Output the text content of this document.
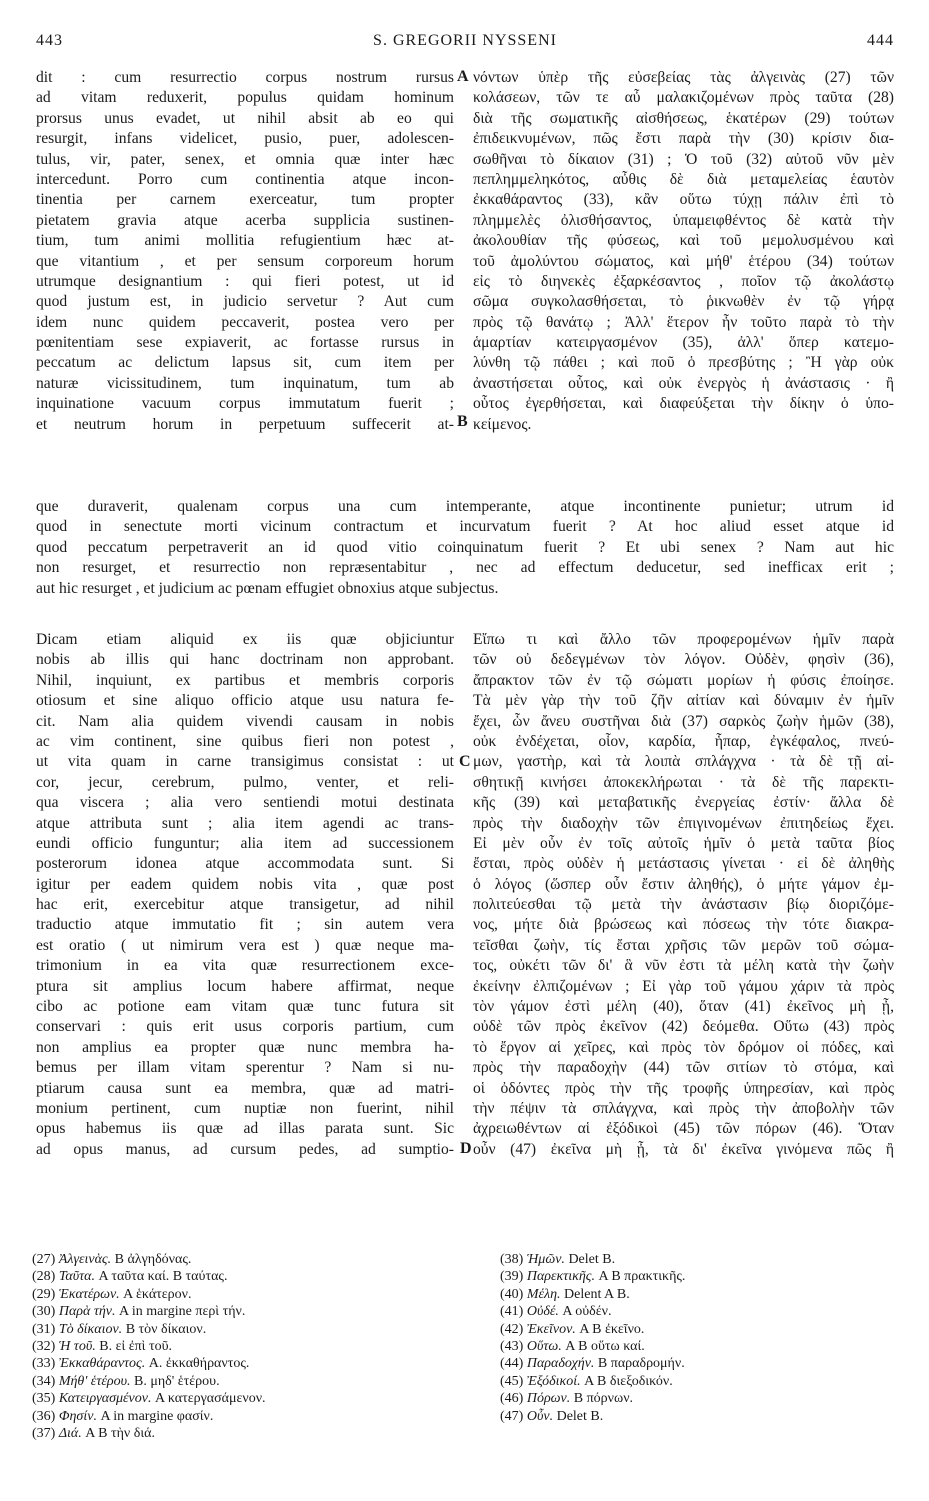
443	S. GREGORII NYSSENI	444
A
B
C
D
dit : cum resurrectio corpus nostrum rursus
ad vitam reduxerit, populus quidam hominum
prorsus unus evadet, ut nihil absit ab eo qui
resurgit, infans videlicet, pusio, puer, adolescen-
tulus, vir, pater, senex, et omnia quæ inter hæc
intercedunt. Porro cum continentia atque incon-
tinentia per carnem exerceatur, tum propter
pietatem gravia atque acerba supplicia sustinen-
tium, tum animi mollitia refugientium hæc at-
que vitantium , et per sensum corporeum horum
utrumque designantium : qui fieri potest, ut id
quod justum est, in judicio servetur ? Aut cum
idem nunc quidem peccaverit, postea vero per
pœnitentiam sese expiaverit, ac fortasse rursus in
peccatum ac delictum lapsus sit, cum item per
naturæ vicissitudinem, tum inquinatum, tum ab
inquinatione vacuum corpus immutatum fuerit ;
et neutrum horum in perpetuum suffecerit at-
νόντων ὑπὲρ τῆς εὐσεβείας τὰς ἀλγεινὰς (27) τῶν
κολάσεων, τῶν τε αὖ μαλακιζομένων πρὸς ταῦτα (28)
διὰ τῆς σωματικῆς αἰσθήσεως, ἑκατέρων (29) τούτων
ἐπιδεικνυμένων, πῶς ἔστι παρὰ τὴν (30) κρίσιν δια-
σωθῆναι τὸ δίκαιον (31) ; Ὁ τοῦ (32) αὐτοῦ νῦν μὲν
πεπλημμεληκότος, αὖθις δὲ διὰ μεταμελείας ἑαυτὸν
ἐκκαθάραντος (33), κἂν οὕτω τύχῃ πάλιν ἐπὶ τὸ
πλημμελὲς ὀλισθήσαντος, ὑπαμειφθέντος δὲ κατὰ τὴν
ἀκολουθίαν τῆς φύσεως, καὶ τοῦ μεμολυσμένου καὶ
τοῦ ἀμολύντου σώματος, καὶ μήθ' ἑτέρου (34) τούτων
εἰς τὸ διηνεκὲς ἐξαρκέσαντος , ποῖον τῷ ἀκολάστῳ
σῶμα συγκολασθήσεται, τὸ ῥικνωθὲν ἐν τῷ γήρᾳ
πρὸς τῷ θανάτῳ ; Ἀλλ' ἕτερον ἦν τοῦτο παρὰ τὸ τὴν
ἁμαρτίαν κατειργασμένον (35), ἀλλ' ὅπερ κατεμο-
λύνθη τῷ πάθει ; καὶ ποῦ ὁ πρεσβύτης ; Ἢ γὰρ οὐκ
ἀναστήσεται οὗτος, καὶ οὐκ ἐνεργὸς ἡ ἀνάστασις · ἢ
οὗτος ἐγερθήσεται, καὶ διαφεύξεται τὴν δίκην ὁ ὑπο-
κείμενος.
que duraverit, qualenam corpus una cum intemperante, atque incontinente punietur; utrum id
quod in senectute morti vicinum contractum et incurvatum fuerit ? At hoc aliud esset atque id
quod peccatum perpetraverit an id quod vitio coinquinatum fuerit ? Et ubi senex ? Nam aut hic
non resurget, et resurrectio non repræsentabitur , nec ad effectum deducetur, sed inefficax erit ;
aut hic resurget , et judicium ac pœnam effugiet obnoxius atque subjectus.
Dicam etiam aliquid ex iis quæ objiciuntur
nobis ab illis qui hanc doctrinam non approbant.
Nihil, inquiunt, ex partibus et membris corporis
otiosum et sine aliquo officio atque usu natura fe-
cit. Nam alia quidem vivendi causam in nobis
ac vim continent, sine quibus fieri non potest ,
ut vita quam in carne transigimus consistat : ut
cor, jecur, cerebrum, pulmo, venter, et reli-
qua viscera ; alia vero sentiendi motui destinata
atque attributa sunt ; alia item agendi ac trans-
eundi officio funguntur; alia item ad successionem
posterorum idonea atque accommodata sunt. Si
igitur per eadem quidem nobis vita , quæ post
hac erit, exercebitur atque transigetur, ad nihil
traductio atque immutatio fit ; sin autem vera
est oratio ( ut nimirum vera est ) quæ neque ma-
trimonium in ea vita quæ resurrectionem exce-
ptura sit amplius locum habere affirmat, neque
cibo ac potione eam vitam quæ tunc futura sit
conservari : quis erit usus corporis partium, cum
non amplius ea propter quæ nunc membra ha-
bemus per illam vitam sperentur ? Nam si nu-
ptiarum causa sunt ea membra, quæ ad matri-
monium pertinent, cum nuptiæ non fuerint, nihil
opus habemus iis quæ ad illas parata sunt. Sic
ad opus manus, ad cursum pedes, ad sumptio-
Εἴπω τι καὶ ἄλλο τῶν προφερομένων ἡμῖν παρὰ
τῶν οὐ δεδεγμένων τὸν λόγον. Οὐδὲν, φησὶν (36),
ἄπρακτον τῶν ἐν τῷ σώματι μορίων ἡ φύσις ἐποίησε.
Τὰ μὲν γὰρ τὴν τοῦ ζῆν αἰτίαν καὶ δύναμιν ἐν ἡμῖν
ἔχει, ὧν ἄνευ συστῆναι διὰ (37) σαρκὸς ζωὴν ἡμῶν (38),
οὐκ ἐνδέχεται, οἷον, καρδία, ἧπαρ, ἐγκέφαλος, πνεύ-
μων, γαστὴρ, καὶ τὰ λοιπὰ σπλάγχνα · τὰ δὲ τῇ αἰ-
σθητικῇ κινήσει ἀποκεκλήρωται · τὰ δὲ τῆς παρεκτι-
κῆς (39) καὶ μεταβατικῆς ἐνεργείας ἐστίν· ἄλλα δὲ
πρὸς τὴν διαδοχὴν τῶν ἐπιγινομένων ἐπιτηδείως ἔχει.
Εἰ μὲν οὖν ἐν τοῖς αὐτοῖς ἡμῖν ὁ μετὰ ταῦτα βίος
ἔσται, πρὸς οὐδὲν ἡ μετάστασις γίνεται · εἰ δὲ ἀληθὴς
ὁ λόγος (ὥσπερ οὖν ἔστιν ἀληθής), ὁ μήτε γάμον ἐμ-
πολιτεύεσθαι τῷ μετὰ τὴν ἀνάστασιν βίῳ διοριζόμε-
νος, μήτε διὰ βρώσεως καὶ πόσεως τὴν τότε διακρα-
τεῖσθαι ζωὴν, τίς ἔσται χρῆσις τῶν μερῶν τοῦ σώμα-
τος, οὐκέτι τῶν δι' ἃ νῦν ἐστι τὰ μέλη κατὰ τὴν ζωὴν
ἐκείνην ἐλπιζομένων ; Εἰ γὰρ τοῦ γάμου χάριν τὰ πρὸς
τὸν γάμον ἐστὶ μέλη (40), ὅταν (41) ἐκεῖνος μὴ ᾖ,
οὐδὲ τῶν πρὸς ἐκεῖνον (42) δεόμεθα. Οὕτω (43) πρὸς
τὸ ἔργον αἱ χεῖρες, καὶ πρὸς τὸν δρόμον οἱ πόδες, καὶ
πρὸς τὴν παραδοχὴν (44) τῶν σιτίων τὸ στόμα, καὶ
οἱ ὀδόντες πρὸς τὴν τῆς τροφῆς ὑπηρεσίαν, καὶ πρὸς
τὴν πέψιν τὰ σπλάγχνα, καὶ πρὸς τὴν ἀποβολὴν τῶν
ἀχρειωθέντων αἱ ἐξόδικοὶ (45) τῶν πόρων (46). Ὅταν
οὖν (47) ἐκεῖνα μὴ ᾖ, τὰ δι' ἐκεῖνα γινόμενα πῶς ἢ
(27) Ἀλγεινὰς. B ἀλγηδόνας.
(28) Ταῦτα. A ταῦτα καί. B ταύτας.
(29) Ἑκατέρων. A ἑκάτερον.
(30) Παρὰ τήν. A in margine περὶ τήν.
(31) Τὸ δίκαιον. B τὸν δίκαιον.
(32) Ἡ τοῦ. B. εἰ ἐπὶ τοῦ.
(33) Ἐκκαθάραντος. A. ἐκκαθήραντος.
(34) Μήθ' ἑτέρου. B. μηδ' ἑτέρου.
(35) Κατειργασμένον. A κατεργασάμενον.
(36) Φησίν. A in margine φασίν.
(37) Διά. A B τὴν διά.
(38) Ἡμῶν. Delet B.
(39) Παρεκτικῆς. A B πρακτικῆς.
(40) Μέλη. Delent A B.
(41) Οὐδέ. A οὐδέν.
(42) Ἐκεῖνον. A B ἐκεῖνο.
(43) Οὕτω. A B οὕτω καί.
(44) Παραδοχήν. B παραδρομήν.
(45) Ἐξόδικοί. A B διεξοδικόν.
(46) Πόρων. B πόρνων.
(47) Οὖν. Delet B.
